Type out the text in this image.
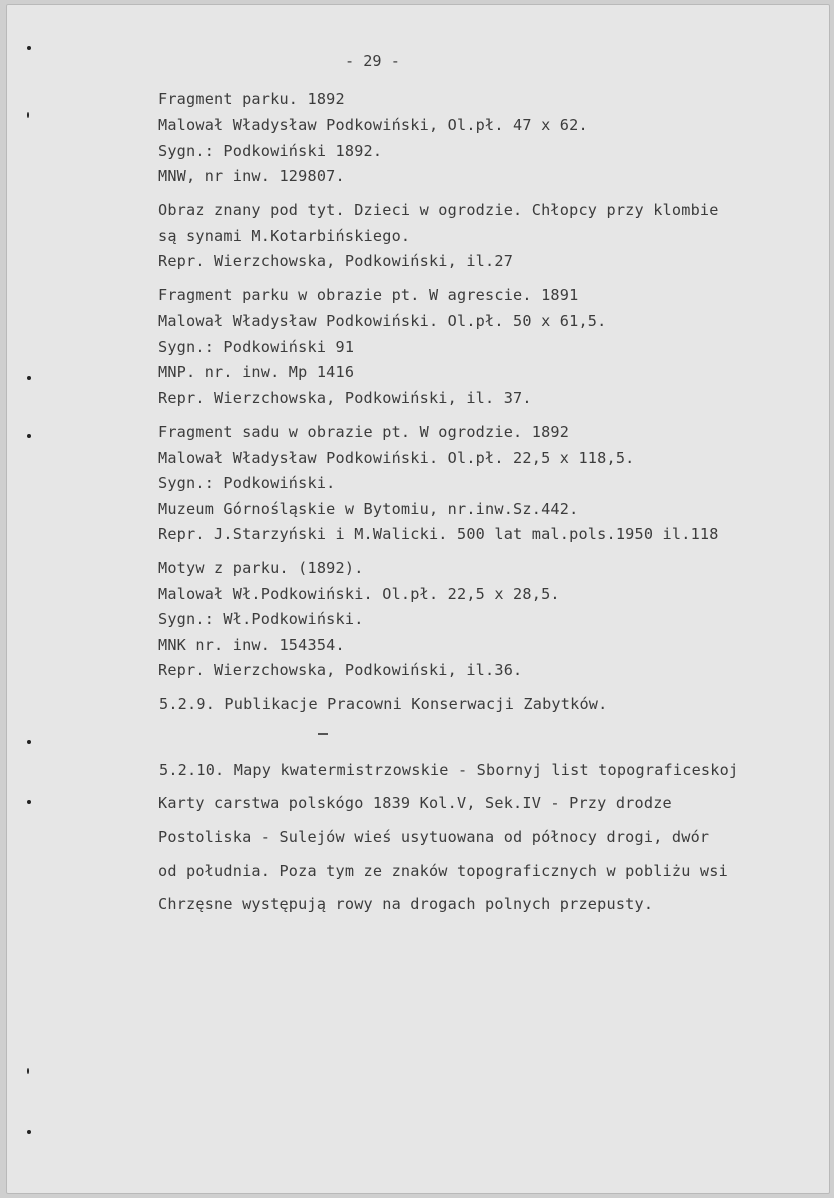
- 29 -
Fragment parku. 1892
Malował Władysław Podkowiński, Ol.pł. 47 x 62.
Sygn.: Podkowiński 1892.
MNW, nr inw. 129807.
Obraz znany pod tyt. Dzieci w ogrodzie. Chłopcy przy klombie
są synami M.Kotarbińskiego.
Repr. Wierzchowska, Podkowiński, il.27
Fragment parku w obrazie pt. W agrescie. 1891
Malował Władysław Podkowiński. Ol.pł. 50 x 61,5.
Sygn.: Podkowiński 91
MNP. nr. inw. Mp 1416
Repr. Wierzchowska, Podkowiński, il. 37.
Fragment sadu w obrazie pt. W ogrodzie. 1892
Malował Władysław Podkowiński. Ol.pł. 22,5 x 118,5.
Sygn.: Podkowiński.
Muzeum Górnośląskie w Bytomiu, nr.inw.Sz.442.
Repr. J.Starzyński i M.Walicki. 500 lat mal.pols.1950 il.118
Motyw z parku. (1892).
Malował Wł.Podkowiński. Ol.pł. 22,5 x 28,5.
Sygn.: Wł.Podkowiński.
MNK nr. inw. 154354.
Repr. Wierzchowska, Podkowiński, il.36.
5.2.9. Publikacje Pracowni Konserwacji Zabytków.
5.2.10. Mapy kwatermistrzowskie - Sbornyj list topograficeskoj
Karty carstwa polskógo 1839 Kol.V, Sek.IV - Przy drodze
Postoliska - Sulejów wieś usytuowana od północy drogi, dwór
od południa. Poza tym ze znaków topograficznych w pobliżu wsi
Chrzęsne występują rowy na drogach polnych przepusty.
